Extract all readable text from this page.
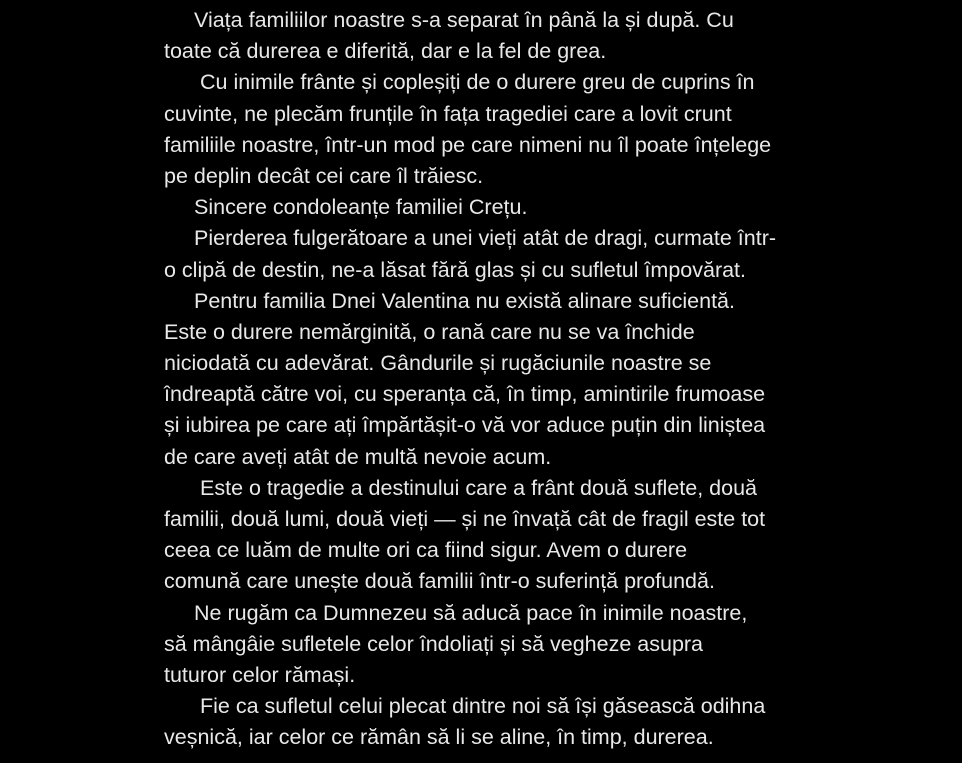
Viața familiilor noastre s-a separat în până la și după. Cu
toate că durerea e diferită, dar e la fel de grea.
Cu inimile frânte și copleșiți de o durere greu de cuprins în
cuvinte, ne plecăm frunțile în fața tragediei care a lovit crunt
familiile noastre, într-un mod pe care nimeni nu îl poate înțelege
pe deplin decât cei care îl trăiesc.
Sincere condoleanțe familiei Crețu.
Pierderea fulgerătoare a unei vieți atât de dragi, curmate într-
o clipă de destin, ne-a lăsat fără glas și cu sufletul împovărat.
Pentru familia Dnei Valentina nu există alinare suficientă.
Este o durere nemărginită, o rană care nu se va închide
niciodată cu adevărat. Gândurile și rugăciunile noastre se
îndreaptă către voi, cu speranța că, în timp, amintirile frumoase
și iubirea pe care ați împărtășit-o vă vor aduce puțin din liniștea
de care aveți atât de multă nevoie acum.
Este o tragedie a destinului care a frânt două suflete, două
familii, două lumi, două vieți — și ne învață cât de fragil este tot
ceea ce luăm de multe ori ca fiind sigur. Avem o durere
comună care unește două familii într-o suferință profundă.
Ne rugăm ca Dumnezeu să aducă pace în inimile noastre,
să mângâie sufletele celor îndoliați și să vegheze asupra
tuturor celor rămași.
Fie ca sufletul celui plecat dintre noi să își găsească odihna
veșnică, iar celor ce rămân să li se aline, în timp, durerea.
